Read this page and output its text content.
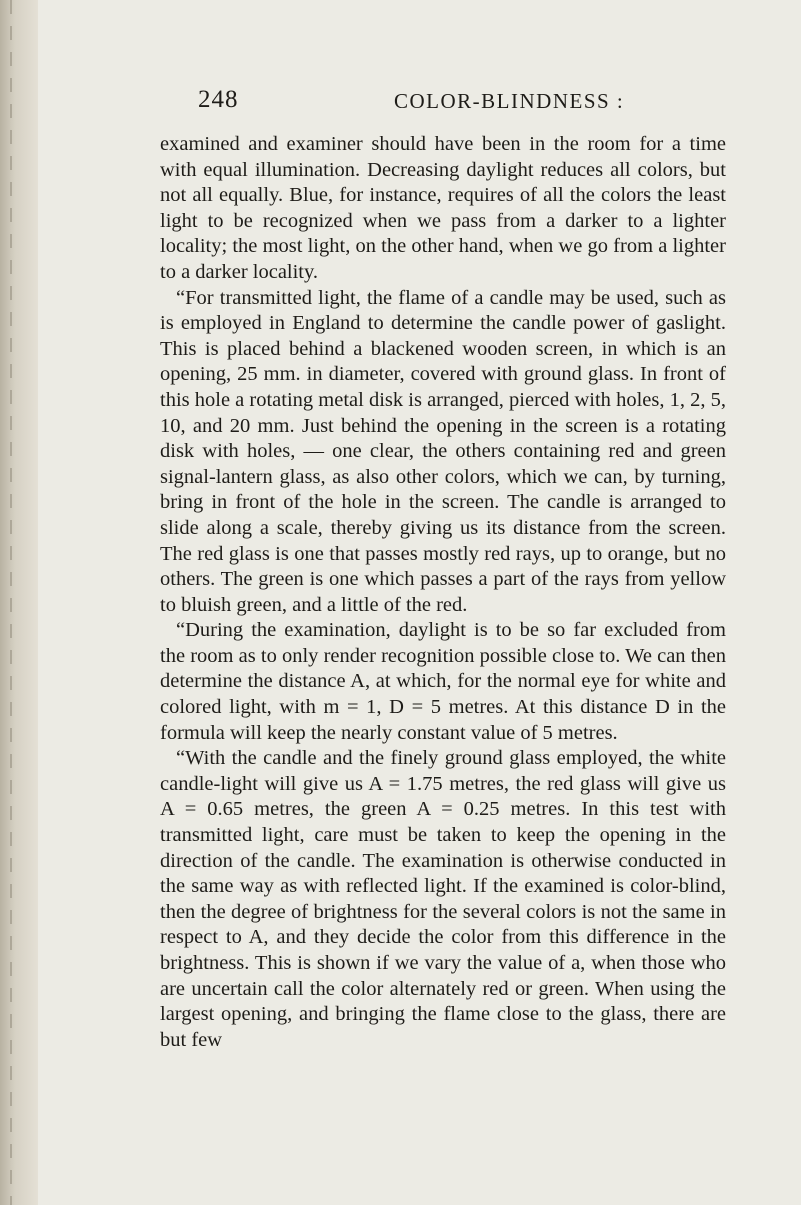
248	COLOR-BLINDNESS :

examined and examiner should have been in the room for a time with equal illumination. Decreasing daylight reduces all colors, but not all equally. Blue, for instance, requires of all the colors the least light to be recognized when we pass from a darker to a lighter locality; the most light, on the other hand, when we go from a lighter to a darker locality.

“For transmitted light, the flame of a candle may be used, such as is employed in England to determine the candle power of gaslight. This is placed behind a blackened wooden screen, in which is an opening, 25 mm. in diameter, covered with ground glass. In front of this hole a rotating metal disk is arranged, pierced with holes, 1, 2, 5, 10, and 20 mm. Just behind the opening in the screen is a rotating disk with holes, — one clear, the others containing red and green signal-lantern glass, as also other colors, which we can, by turning, bring in front of the hole in the screen. The candle is arranged to slide along a scale, thereby giving us its distance from the screen. The red glass is one that passes mostly red rays, up to orange, but no others. The green is one which passes a part of the rays from yellow to bluish green, and a little of the red.

“During the examination, daylight is to be so far excluded from the room as to only render recognition possible close to. We can then determine the distance A, at which, for the normal eye for white and colored light, with m = 1, D = 5 metres. At this distance D in the formula will keep the nearly constant value of 5 metres.

“With the candle and the finely ground glass employed, the white candle-light will give us A = 1.75 metres, the red glass will give us A = 0.65 metres, the green A = 0.25 metres. In this test with transmitted light, care must be taken to keep the opening in the direction of the candle. The examination is otherwise conducted in the same way as with reflected light. If the examined is color-blind, then the degree of brightness for the several colors is not the same in respect to A, and they decide the color from this difference in the brightness. This is shown if we vary the value of a, when those who are uncertain call the color alternately red or green. When using the largest opening, and bringing the flame close to the glass, there are but few
